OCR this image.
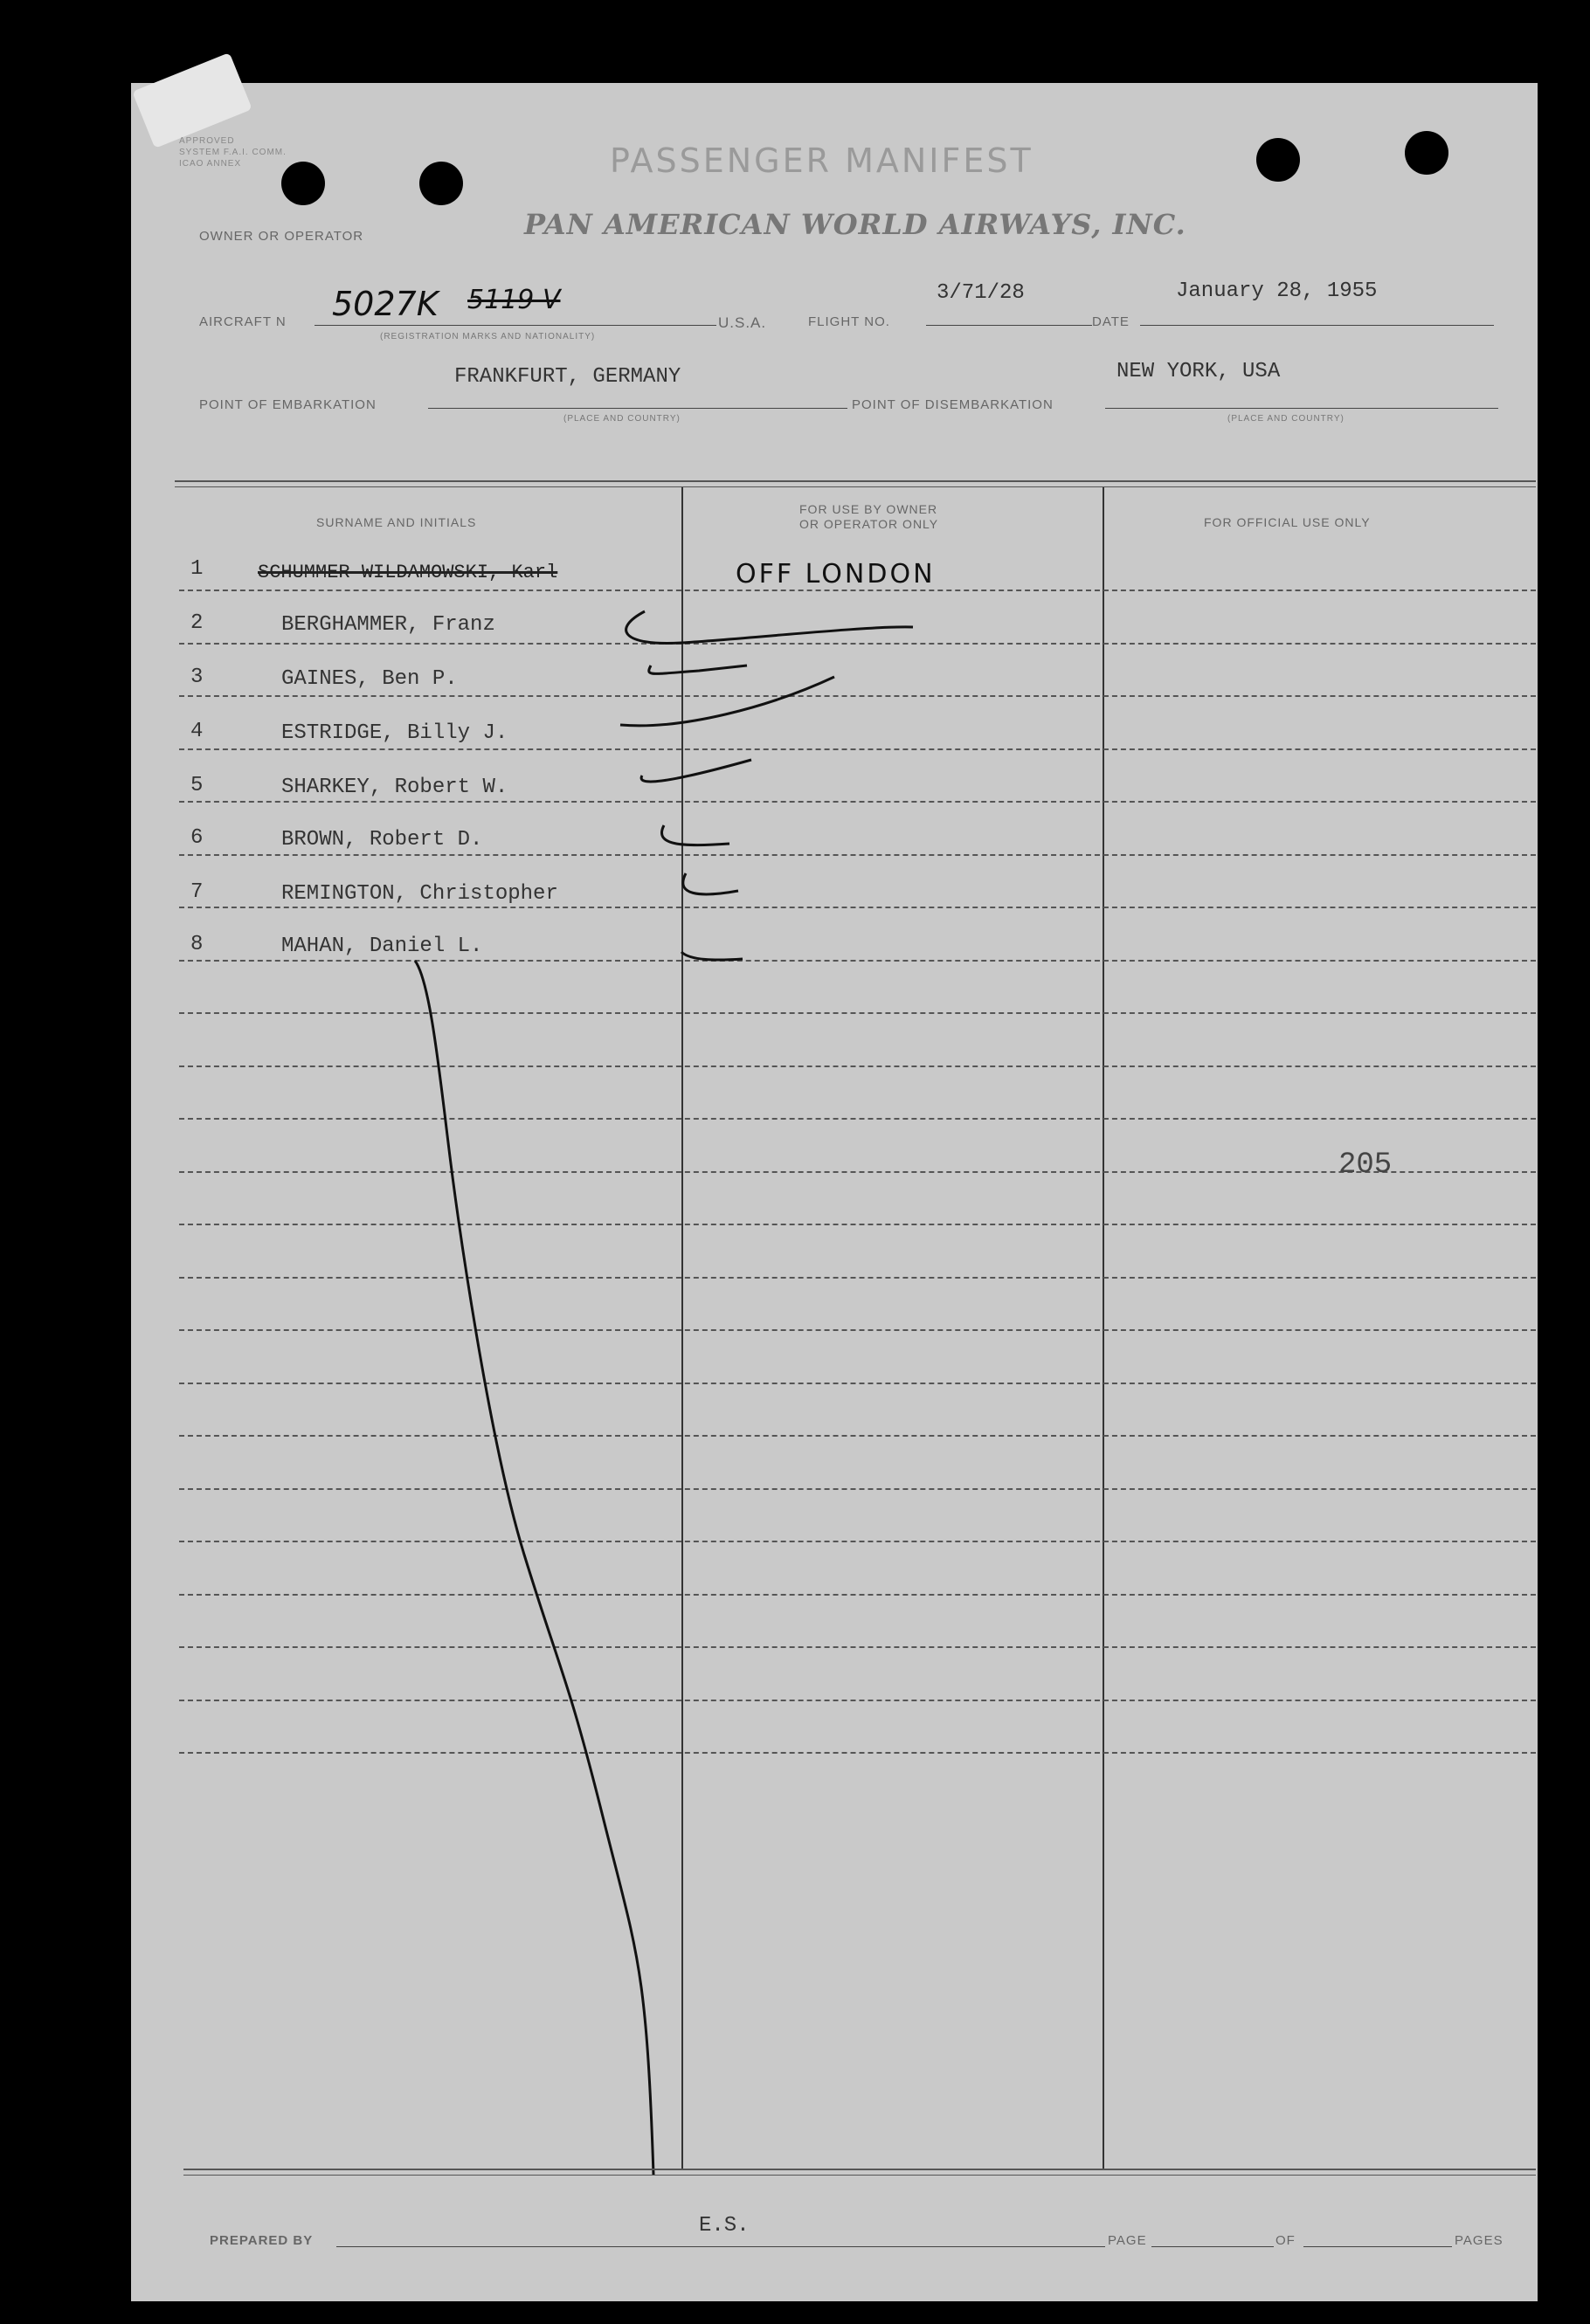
APPROVED
SYSTEM F.A.I. COMM.
ICAO ANNEX	PASSENGER MANIFEST
OWNER OR OPERATOR	PAN AMERICAN WORLD AIRWAYS, INC.
AIRCRAFT N 5027K 5119-V
(REGISTRATION MARKS AND NATIONALITY)
U.S.A.	FLIGHT NO.
3/71/28
DATE
January 28, 1955
POINT OF EMBARKATION
FRANKFURT, GERMANY
(PLACE AND COUNTRY)
POINT OF DISEMBARKATION
NEW YORK, USA
(PLACE AND COUNTRY)
SURNAME AND INITIALS
FOR USE BY OWNER
OR OPERATOR ONLY	FOR OFFICIAL USE ONLY
1	SCHUMMER WILDAMOWSKI, Karl	OFF LONDON
2	BERGHAMMER, Franz
3	GAINES, Ben P.
4	ESTRIDGE, Billy J.
5	SHARKEY, Robert W.
6	BROWN, Robert D.
7	REMINGTON, Christopher
8	MAHAN, Daniel L.
205
PREPARED BY
E.S.
PAGE	OF	PAGES
